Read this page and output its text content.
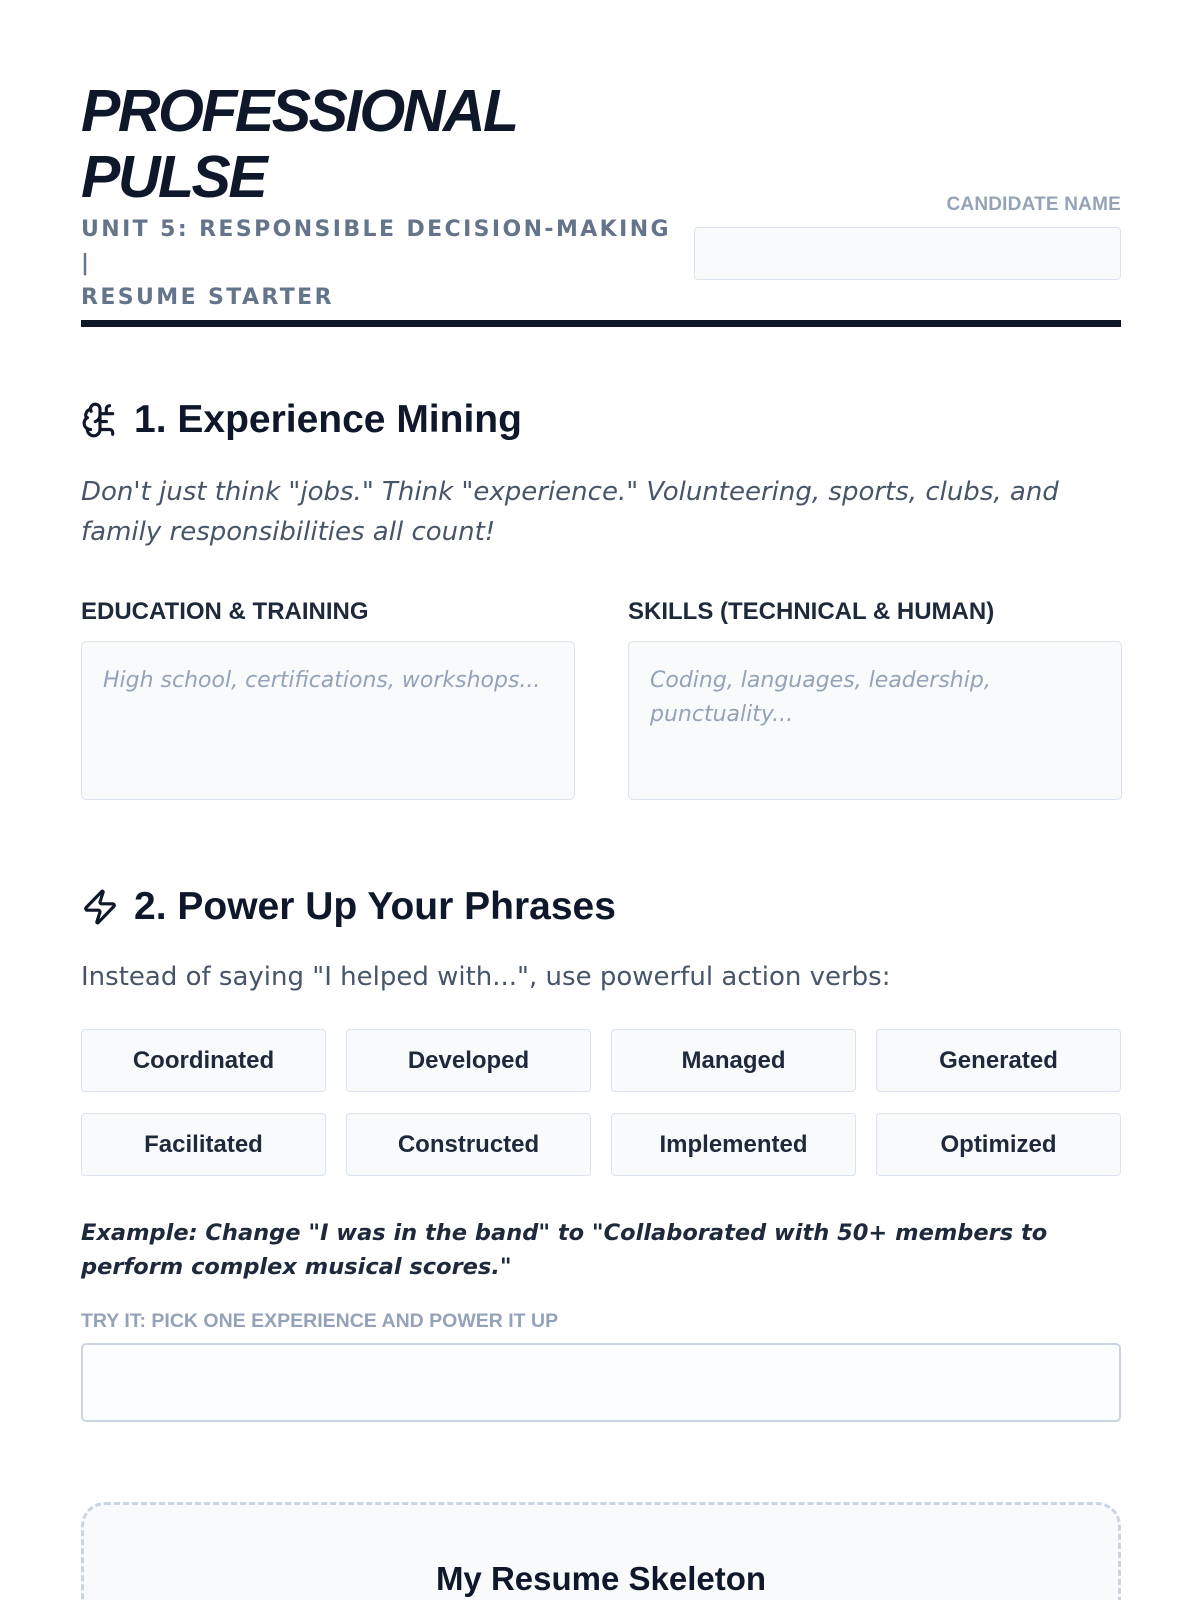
PROFESSIONAL
PULSE
UNIT 5: RESPONSIBLE DECISION-MAKING |
RESUME STARTER
CANDIDATE NAME
1. Experience Mining

Don't just think "jobs." Think "experience." Volunteering, sports, clubs, and family responsibilities all count!

EDUCATION & TRAINING	SKILLS (TECHNICAL & HUMAN)
High school, certifications, workshops...	Coding, languages, leadership, punctuality...
2. Power Up Your Phrases

Instead of saying "I helped with...", use powerful action verbs:

Coordinated	Developed	Managed	Generated
Facilitated	Constructed	Implemented	Optimized

Example: Change "I was in the band" to "Collaborated with 50+ members to perform complex musical scores."

TRY IT: PICK ONE EXPERIENCE AND POWER IT UP
My Resume Skeleton
